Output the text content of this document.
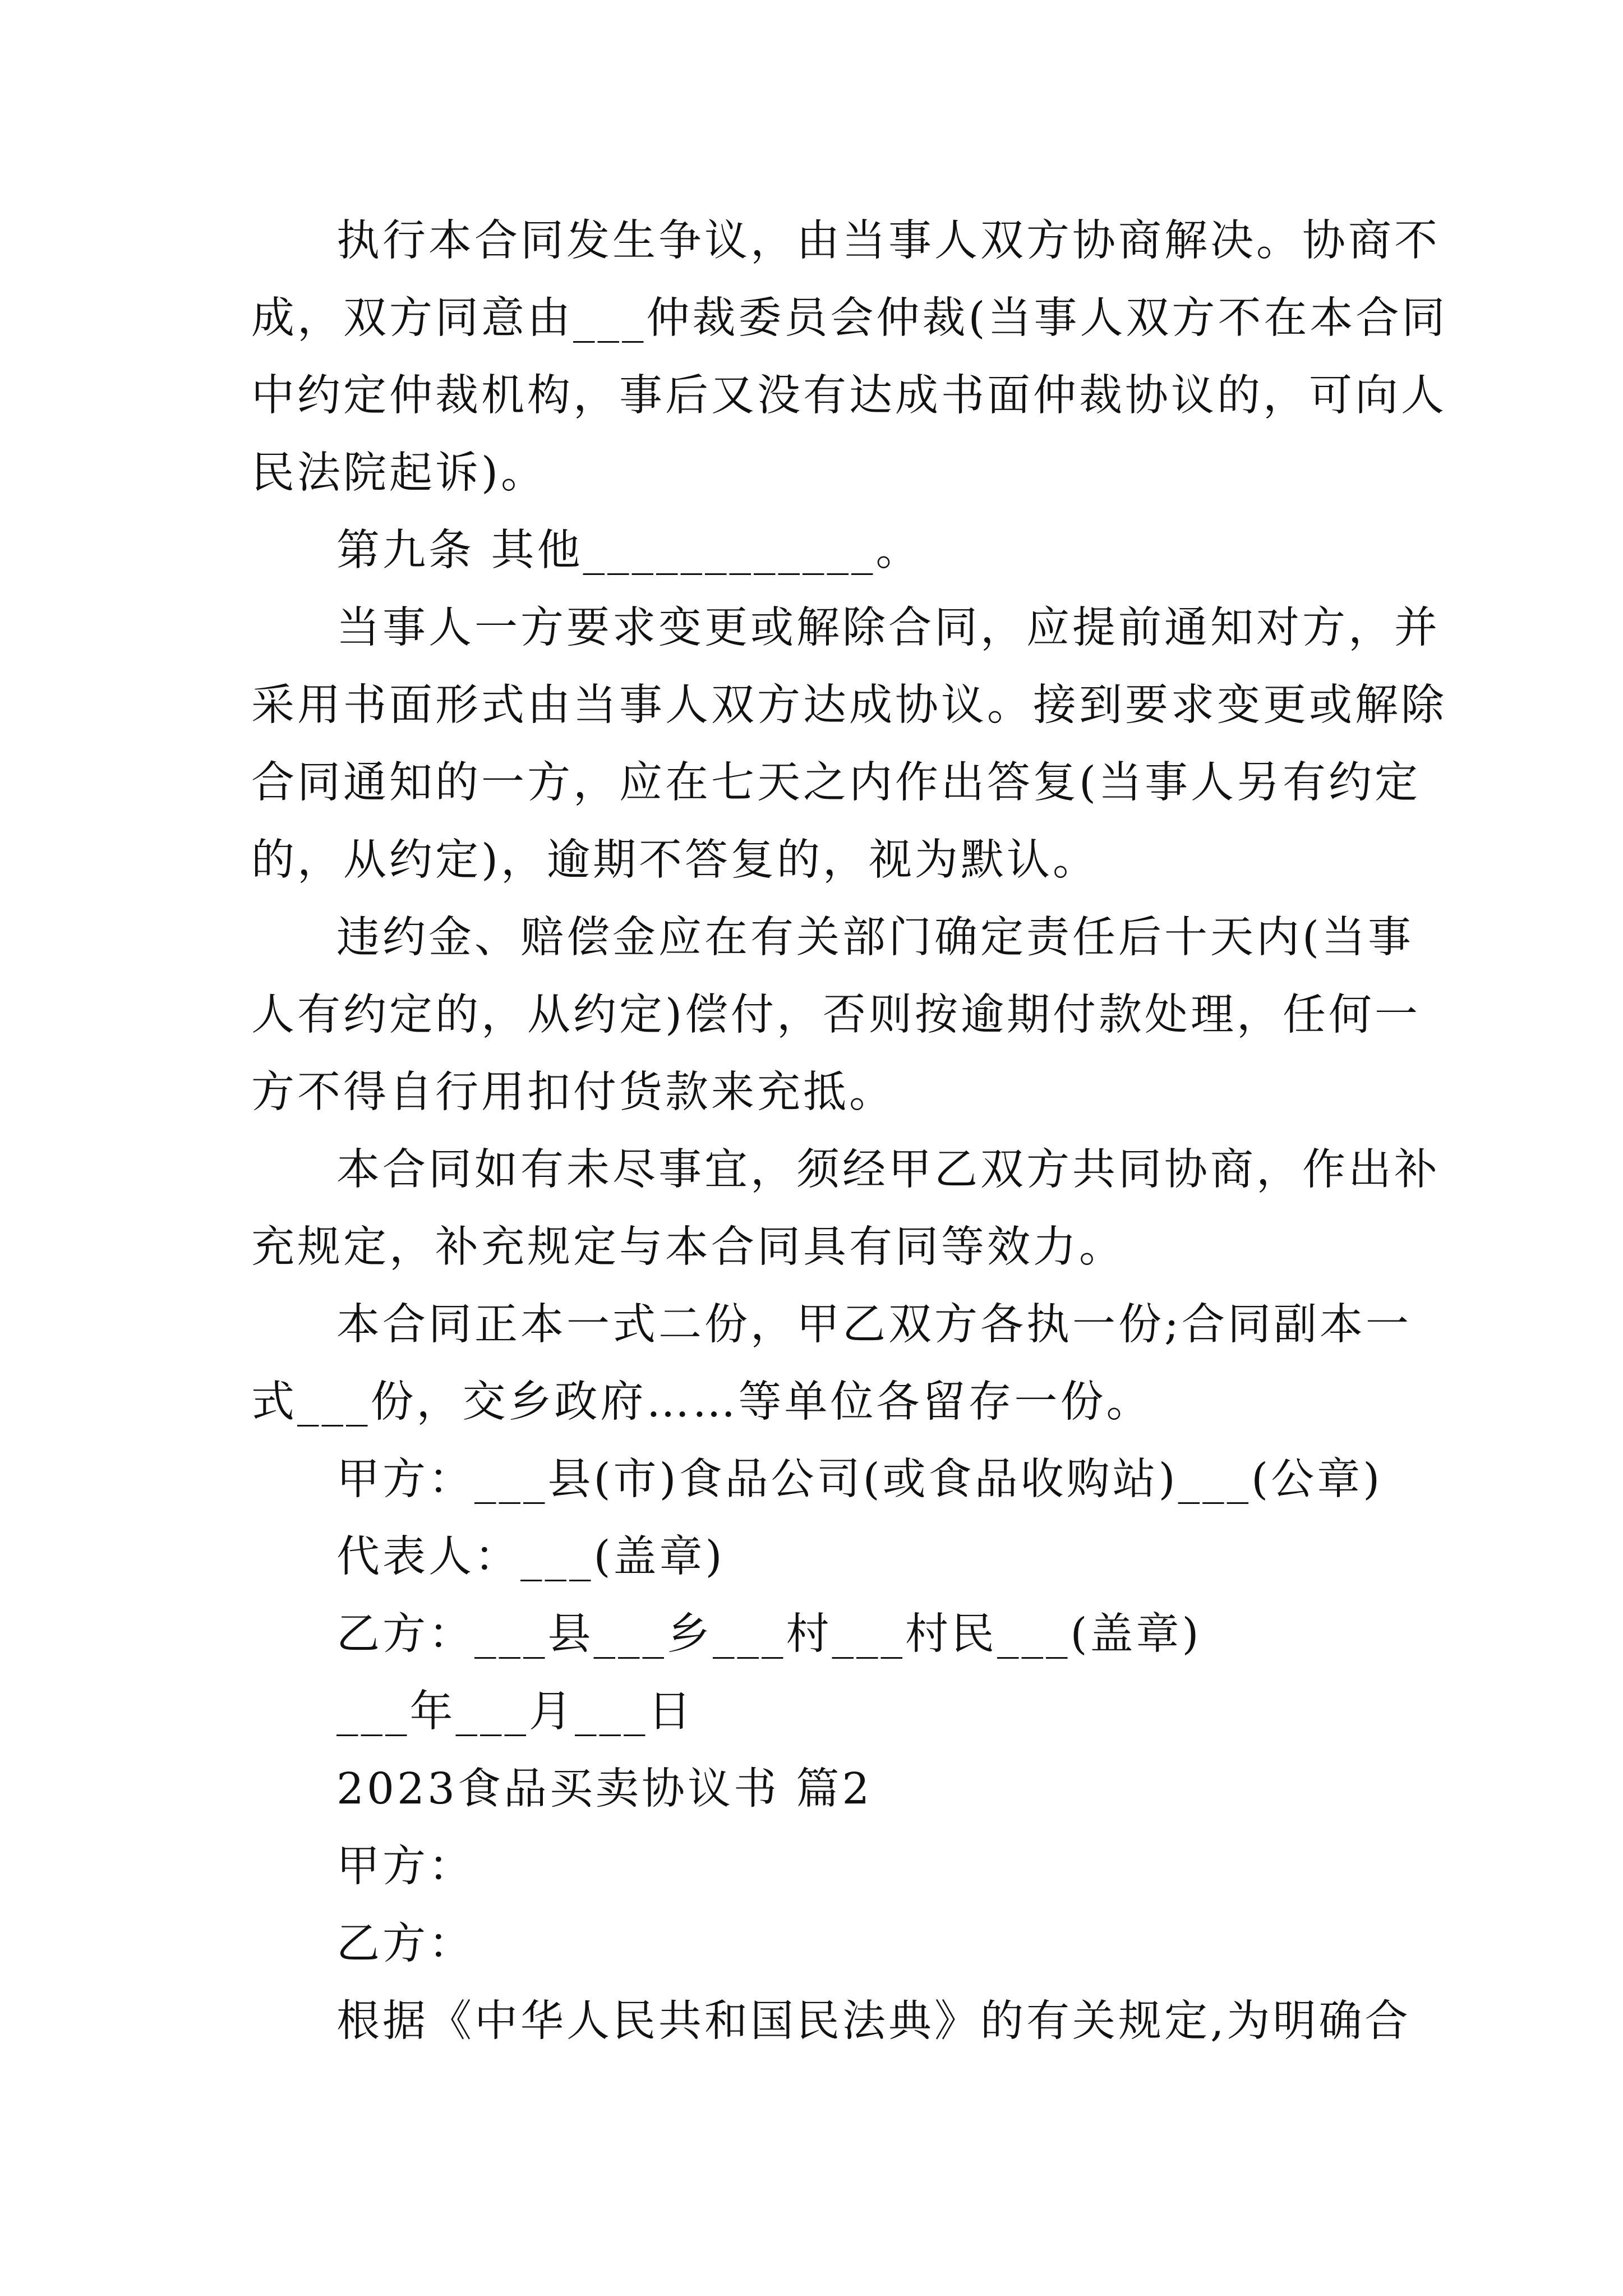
执行本合同发生争议，由当事人双方协商解决。协商不
成，双方同意由___仲裁委员会仲裁(当事人双方不在本合同
中约定仲裁机构，事后又没有达成书面仲裁协议的，可向人
民法院起诉)。
第九条 其他____________。
当事人一方要求变更或解除合同，应提前通知对方，并
采用书面形式由当事人双方达成协议。接到要求变更或解除
合同通知的一方，应在七天之内作出答复(当事人另有约定
的，从约定)，逾期不答复的，视为默认。
违约金、赔偿金应在有关部门确定责任后十天内(当事
人有约定的，从约定)偿付，否则按逾期付款处理，任何一
方不得自行用扣付货款来充抵。
本合同如有未尽事宜，须经甲乙双方共同协商，作出补
充规定，补充规定与本合同具有同等效力。
本合同正本一式二份，甲乙双方各执一份;合同副本一
式___份，交乡政府……等单位各留存一份。
甲方：___县(市)食品公司(或食品收购站)___(公章)
代表人：___(盖章)
乙方：___县___乡___村___村民___(盖章)
___年___月___日
2023食品买卖协议书 篇2
甲方：
乙方：
根据《中华人民共和国民法典》的有关规定,为明确合
